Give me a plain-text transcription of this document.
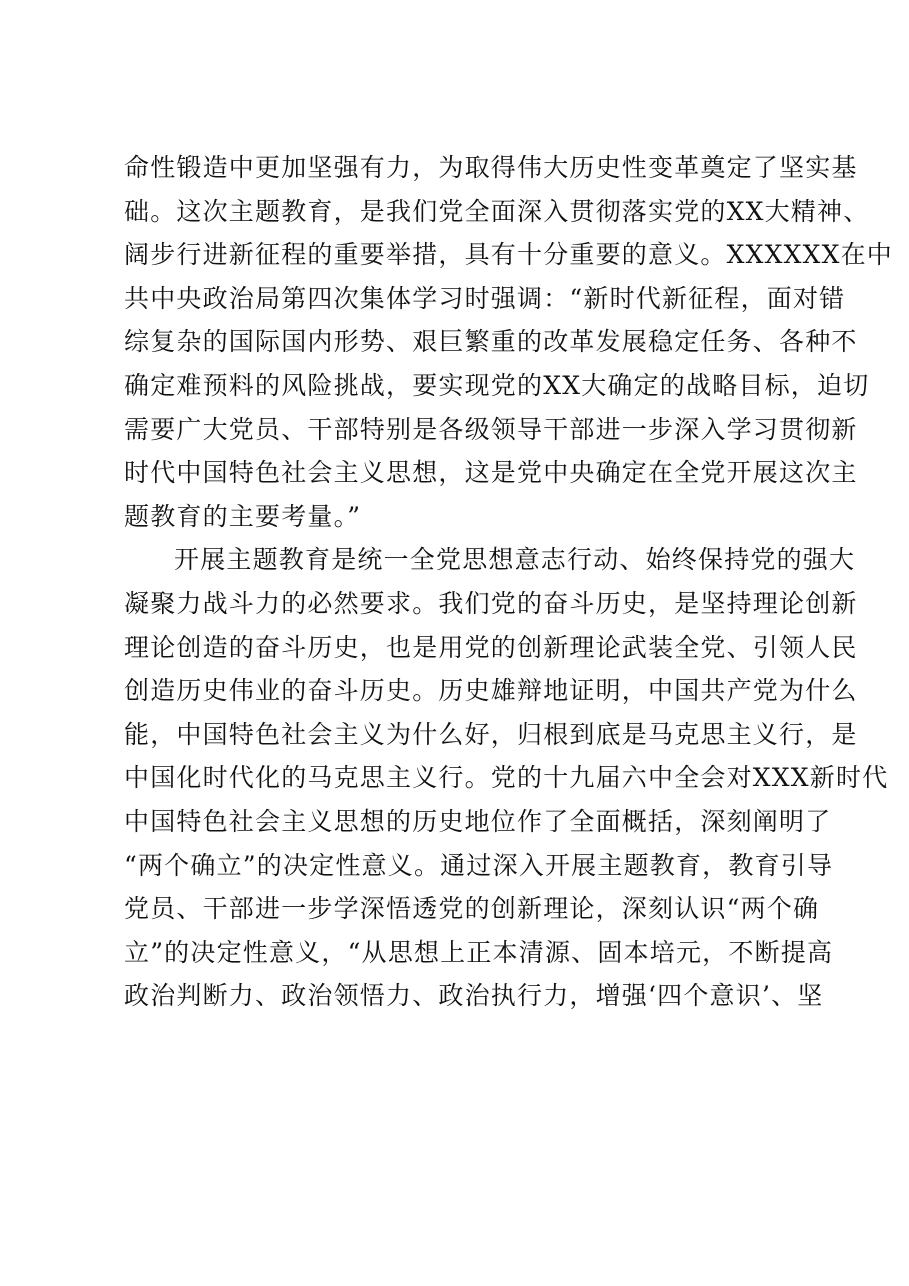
命性锻造中更加坚强有力，为取得伟大历史性变革奠定了坚实基
础。这次主题教育，是我们党全面深入贯彻落实党的XX大精神、
阔步行进新征程的重要举措，具有十分重要的意义。XXXXXX在中
共中央政治局第四次集体学习时强调：“新时代新征程，面对错
综复杂的国际国内形势、艰巨繁重的改革发展稳定任务、各种不
确定难预料的风险挑战，要实现党的XX大确定的战略目标，迫切
需要广大党员、干部特别是各级领导干部进一步深入学习贯彻新
时代中国特色社会主义思想，这是党中央确定在全党开展这次主
题教育的主要考量。”
开展主题教育是统一全党思想意志行动、始终保持党的强大
凝聚力战斗力的必然要求。我们党的奋斗历史，是坚持理论创新
理论创造的奋斗历史，也是用党的创新理论武装全党、引领人民
创造历史伟业的奋斗历史。历史雄辩地证明，中国共产党为什么
能，中国特色社会主义为什么好，归根到底是马克思主义行，是
中国化时代化的马克思主义行。党的十九届六中全会对XXX新时代
中国特色社会主义思想的历史地位作了全面概括，深刻阐明了
“两个确立”的决定性意义。通过深入开展主题教育，教育引导
党员、干部进一步学深悟透党的创新理论，深刻认识“两个确
立”的决定性意义，“从思想上正本清源、固本培元，不断提高
政治判断力、政治领悟力、政治执行力，增强‘四个意识’、坚
